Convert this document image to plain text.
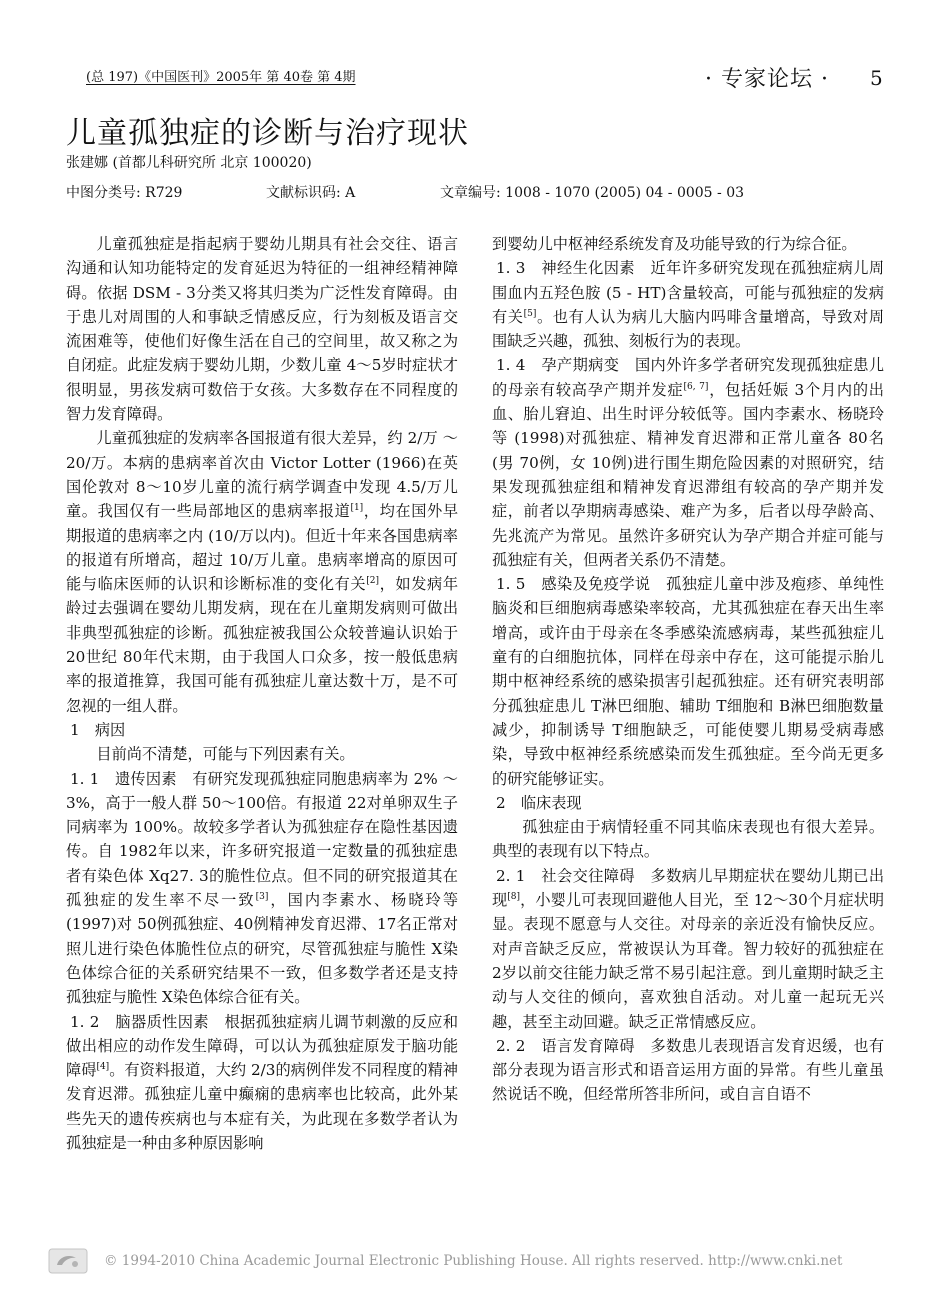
(总 197)《中国医刊》2005年 第 40卷 第 4期	· 专家论坛 · 5
儿童孤独症的诊断与治疗现状
张建娜 (首都儿科研究所 北京 100020)
中图分类号: R729	文献标识码: A	文章编号: 1008 - 1070 (2005) 04 - 0005 - 03

儿童孤独症是指起病于婴幼儿期具有社会交往、语言沟通和认知功能特定的发育延迟为特征的一组神经精神障碍。依据 DSM - 3分类又将其归类为广泛性发育障碍。由于患儿对周围的人和事缺乏情感反应，行为刻板及语言交流困难等，使他们好像生活在自己的空间里，故又称之为自闭症。此症发病于婴幼儿期，少数儿童 4～5岁时症状才很明显，男孩发病可数倍于女孩。大多数存在不同程度的智力发育障碍。

儿童孤独症的发病率各国报道有很大差异，约 2/万 ～20/万。本病的患病率首次由 Victor Lotter (1966)在英国伦敦对 8～10岁儿童的流行病学调查中发现 4.5/万儿童。我国仅有一些局部地区的患病率报道[1]，均在国外早期报道的患病率之内 (10/万以内)。但近十年来各国患病率的报道有所增高，超过 10/万儿童。患病率增高的原因可能与临床医师的认识和诊断标准的变化有关[2]，如发病年龄过去强调在婴幼儿期发病，现在在儿童期发病则可做出非典型孤独症的诊断。孤独症被我国公众较普遍认识始于 20世纪 80年代末期，由于我国人口众多，按一般低患病率的报道推算，我国可能有孤独症儿童达数十万，是不可忽视的一组人群。

1　病因

目前尚不清楚，可能与下列因素有关。

1. 1　遗传因素　 有研究发现孤独症同胞患病率为 2% ～3%，高于一般人群 50～100倍。有报道 22对单卵双生子同病率为 100%。故较多学者认为孤独症存在隐性基因遗传。自 1982年以来，许多研究报道一定数量的孤独症患者有染色体 Xq27. 3的脆性位点。但不同的研究报道其在孤独症的发生率不尽一致[3]，国内李素水、杨晓玲等 (1997)对 50例孤独症、40例精神发育迟滞、17名正常对照儿进行染色体脆性位点的研究，尽管孤独症与脆性 X染色体综合征的关系研究结果不一致，但多数学者还是支持孤独症与脆性 X染色体综合征有关。

1. 2　脑器质性因素　 根据孤独症病儿调节刺激的反应和做出相应的动作发生障碍，可以认为孤独症原发于脑功能障碍[4]。有资料报道，大约 2/3的病例伴发不同程度的精神发育迟滞。孤独症儿童中癫痫的患病率也比较高，此外某些先天的遗传疾病也与本症有关，为此现在多数学者认为孤独症是一种由多种原因影响

到婴幼儿中枢神经系统发育及功能导致的行为综合征。

1. 3　神经生化因素　 近年许多研究发现在孤独症病儿周围血内五羟色胺 (5 - HT)含量较高，可能与孤独症的发病有关[5]。也有人认为病儿大脑内吗啡含量增高，导致对周围缺乏兴趣，孤独、刻板行为的表现。

1. 4　孕产期病变　 国内外许多学者研究发现孤独症患儿的母亲有较高孕产期并发症[6, 7]，包括妊娠 3个月内的出血、胎儿窘迫、出生时评分较低等。国内李素水、杨晓玲等 (1998)对孤独症、精神发育迟滞和正常儿童各 80名 (男 70例，女 10例)进行围生期危险因素的对照研究，结果发现孤独症组和精神发育迟滞组有较高的孕产期并发症，前者以孕期病毒感染、难产为多，后者以母孕龄高、先兆流产为常见。虽然许多研究认为孕产期合并症可能与孤独症有关，但两者关系仍不清楚。

1. 5　感染及免疫学说　 孤独症儿童中涉及疱疹、单纯性脑炎和巨细胞病毒感染率较高，尤其孤独症在春天出生率增高，或许由于母亲在冬季感染流感病毒，某些孤独症儿童有的白细胞抗体，同样在母亲中存在，这可能提示胎儿期中枢神经系统的感染损害引起孤独症。还有研究表明部分孤独症患儿 T淋巴细胞、辅助 T细胞和 B淋巴细胞数量减少，抑制诱导 T细胞缺乏，可能使婴儿期易受病毒感染，导致中枢神经系统感染而发生孤独症。至今尚无更多的研究能够证实。

2　临床表现

孤独症由于病情轻重不同其临床表现也有很大差异。典型的表现有以下特点。

2. 1　社会交往障碍　 多数病儿早期症状在婴幼儿期已出现[8]，小婴儿可表现回避他人目光，至 12～30个月症状明显。表现不愿意与人交往。对母亲的亲近没有愉快反应。对声音缺乏反应，常被误认为耳聋。智力较好的孤独症在 2岁以前交往能力缺乏常不易引起注意。到儿童期时缺乏主动与人交往的倾向，喜欢独自活动。对儿童一起玩无兴趣，甚至主动回避。缺乏正常情感反应。

2. 2　语言发育障碍　 多数患儿表现语言发育迟缓，也有部分表现为语言形式和语音运用方面的异常。有些儿童虽然说话不晚，但经常所答非所问，或自言自语不

© 1994-2010 China Academic Journal Electronic Publishing House. All rights reserved. http://www.cnki.net
